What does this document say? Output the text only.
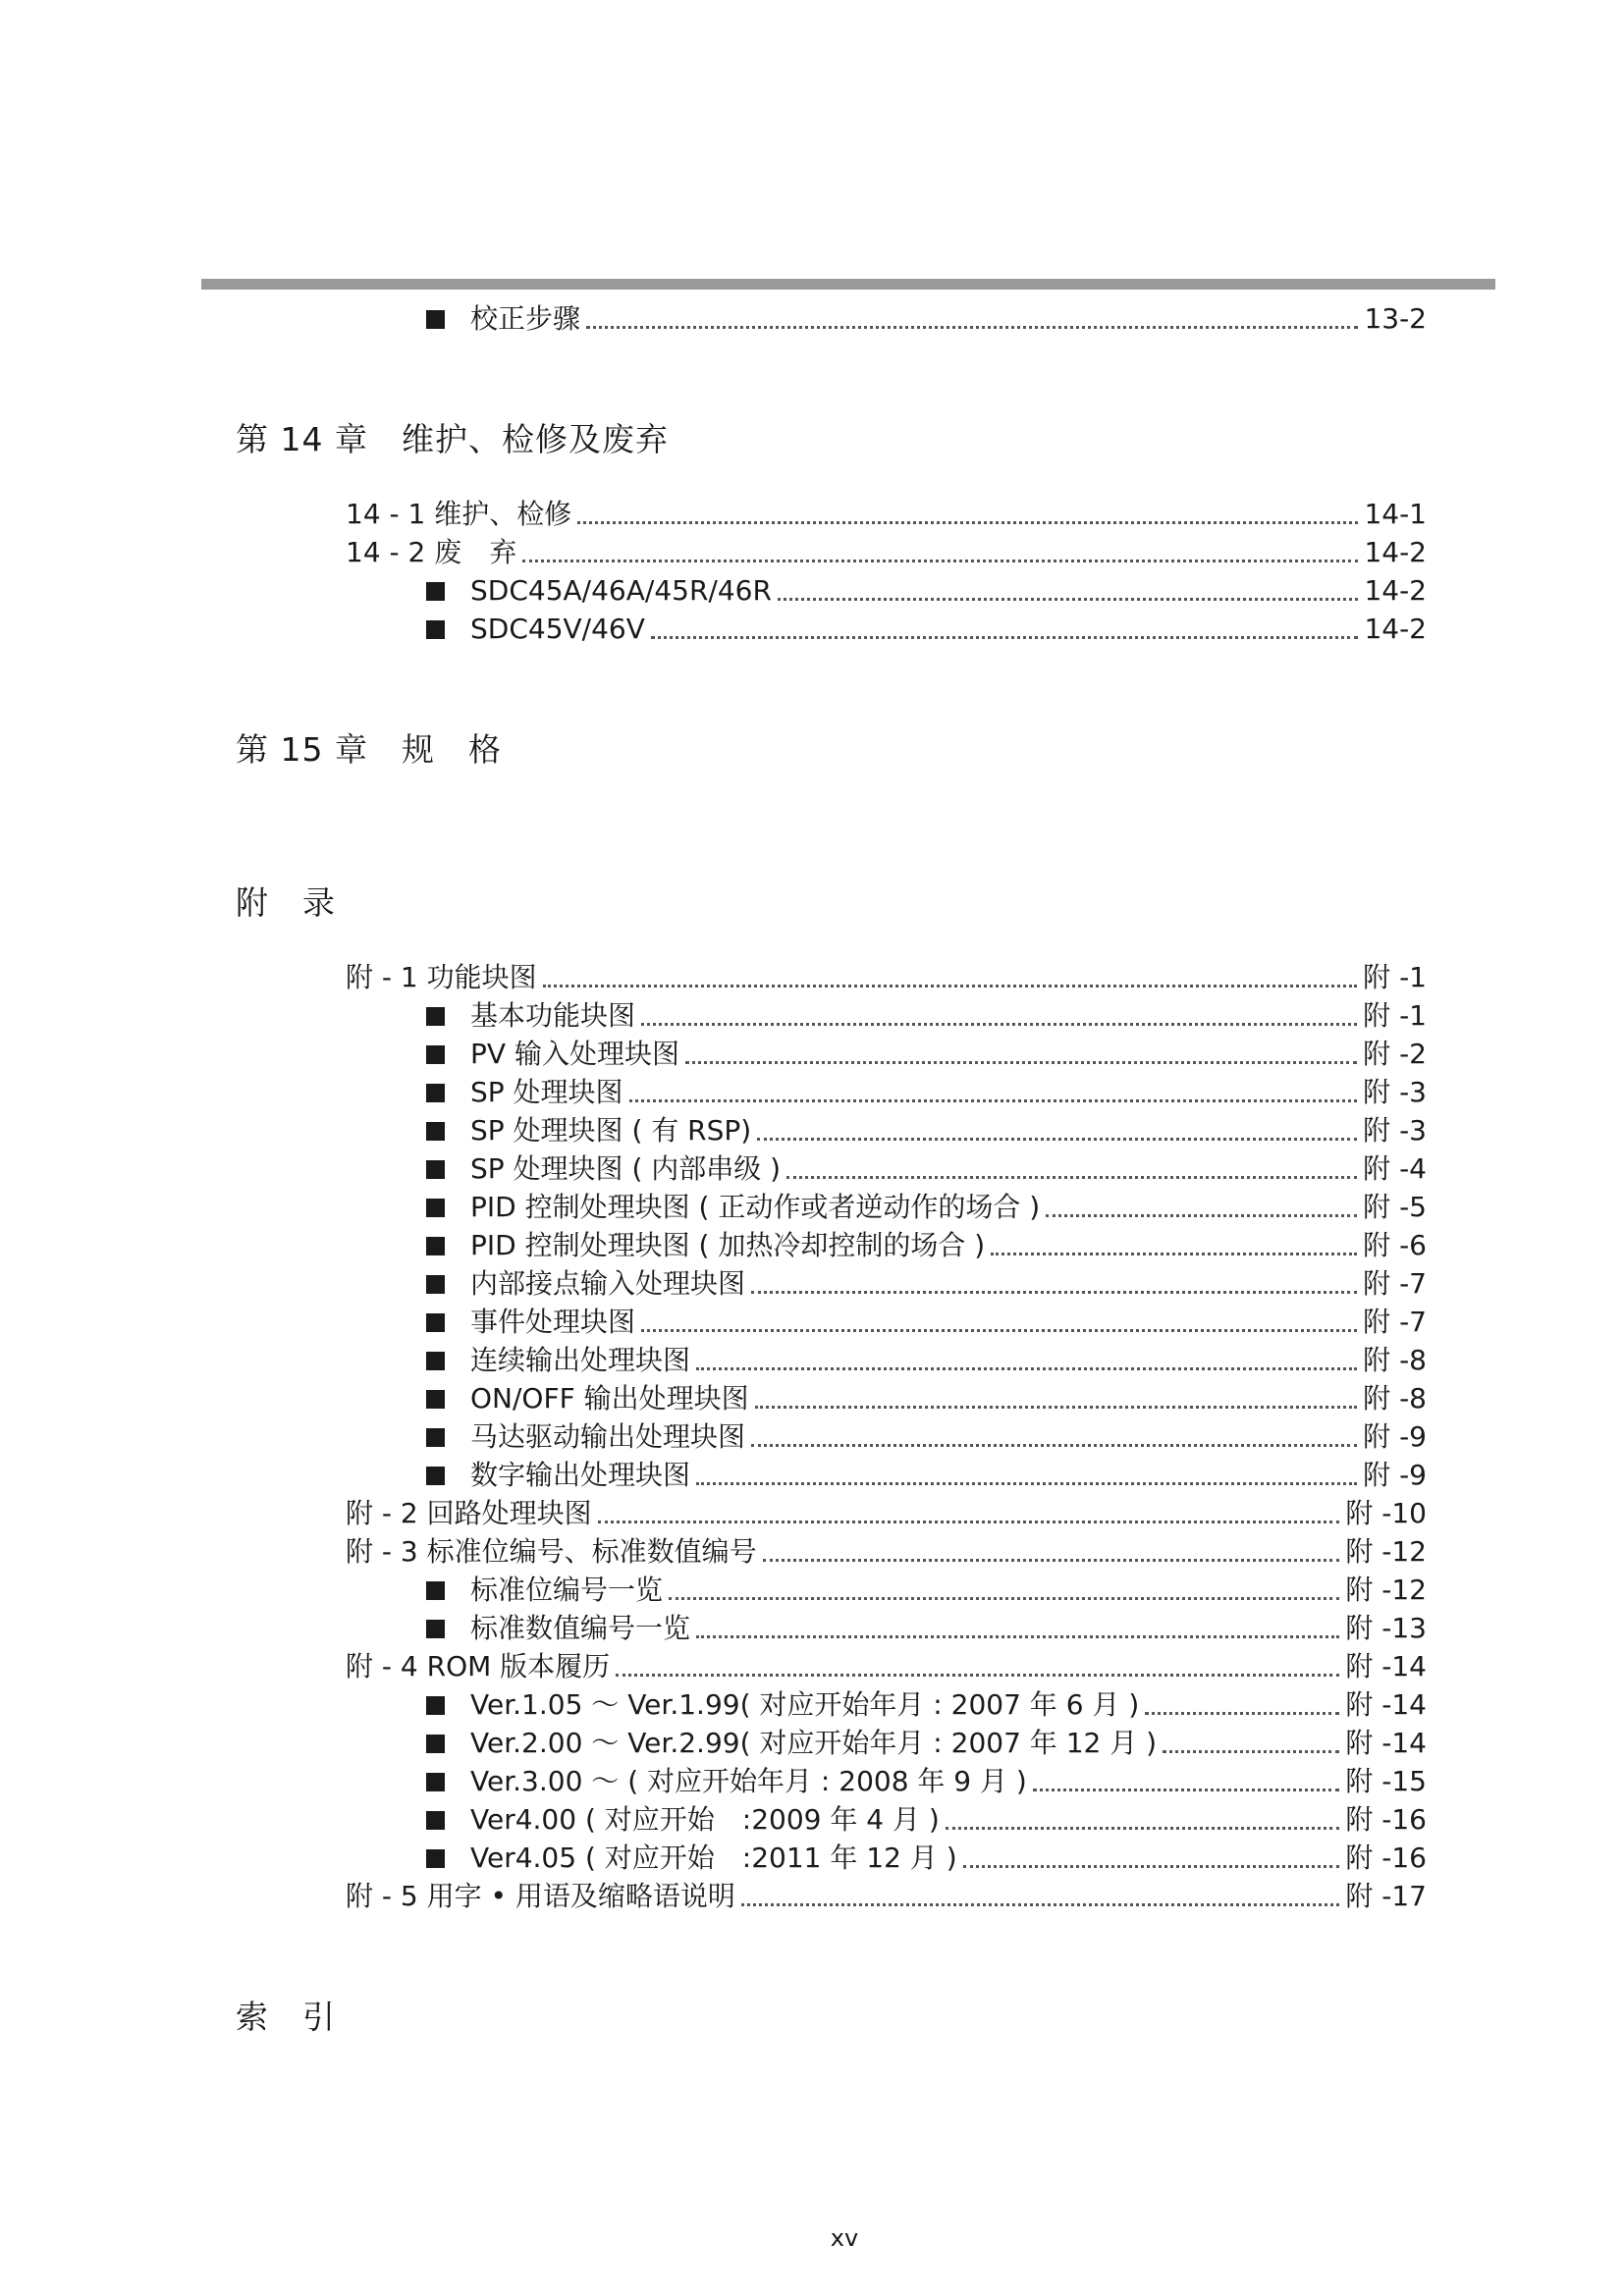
校正步骤	13-2
第 14 章　维护、检修及废弃
14 - 1 维护、检修	14-1
14 - 2 废　弃	14-2
SDC45A/46A/45R/46R	14-2
SDC45V/46V	14-2
第 15 章　规　格
附　录
附 - 1 功能块图	附 -1
基本功能块图	附 -1
PV 输入处理块图	附 -2
SP 处理块图	附 -3
SP 处理块图 ( 有 RSP)	附 -3
SP 处理块图 ( 内部串级 )	附 -4
PID 控制处理块图 ( 正动作或者逆动作的场合 )	附 -5
PID 控制处理块图 ( 加热冷却控制的场合 )	附 -6
内部接点输入处理块图	附 -7
事件处理块图	附 -7
连续输出处理块图	附 -8
ON/OFF 输出处理块图	附 -8
马达驱动输出处理块图	附 -9
数字输出处理块图	附 -9
附 - 2 回路处理块图	附 -10
附 - 3 标准位编号、标准数值编号	附 -12
标准位编号一览	附 -12
标准数值编号一览	附 -13
附 - 4 ROM 版本履历	附 -14
Ver.1.05 ～ Ver.1.99( 对应开始年月 : 2007 年 6 月 )	附 -14
Ver.2.00 ～ Ver.2.99( 对应开始年月 : 2007 年 12 月 )	附 -14
Ver.3.00 ～ ( 对应开始年月 : 2008 年 9 月 )	附 -15
Ver4.00 ( 对应开始　:2009 年 4 月 )	附 -16
Ver4.05 ( 对应开始　:2011 年 12 月 )	附 -16
附 - 5 用字 • 用语及缩略语说明	附 -17
索　引
xv
